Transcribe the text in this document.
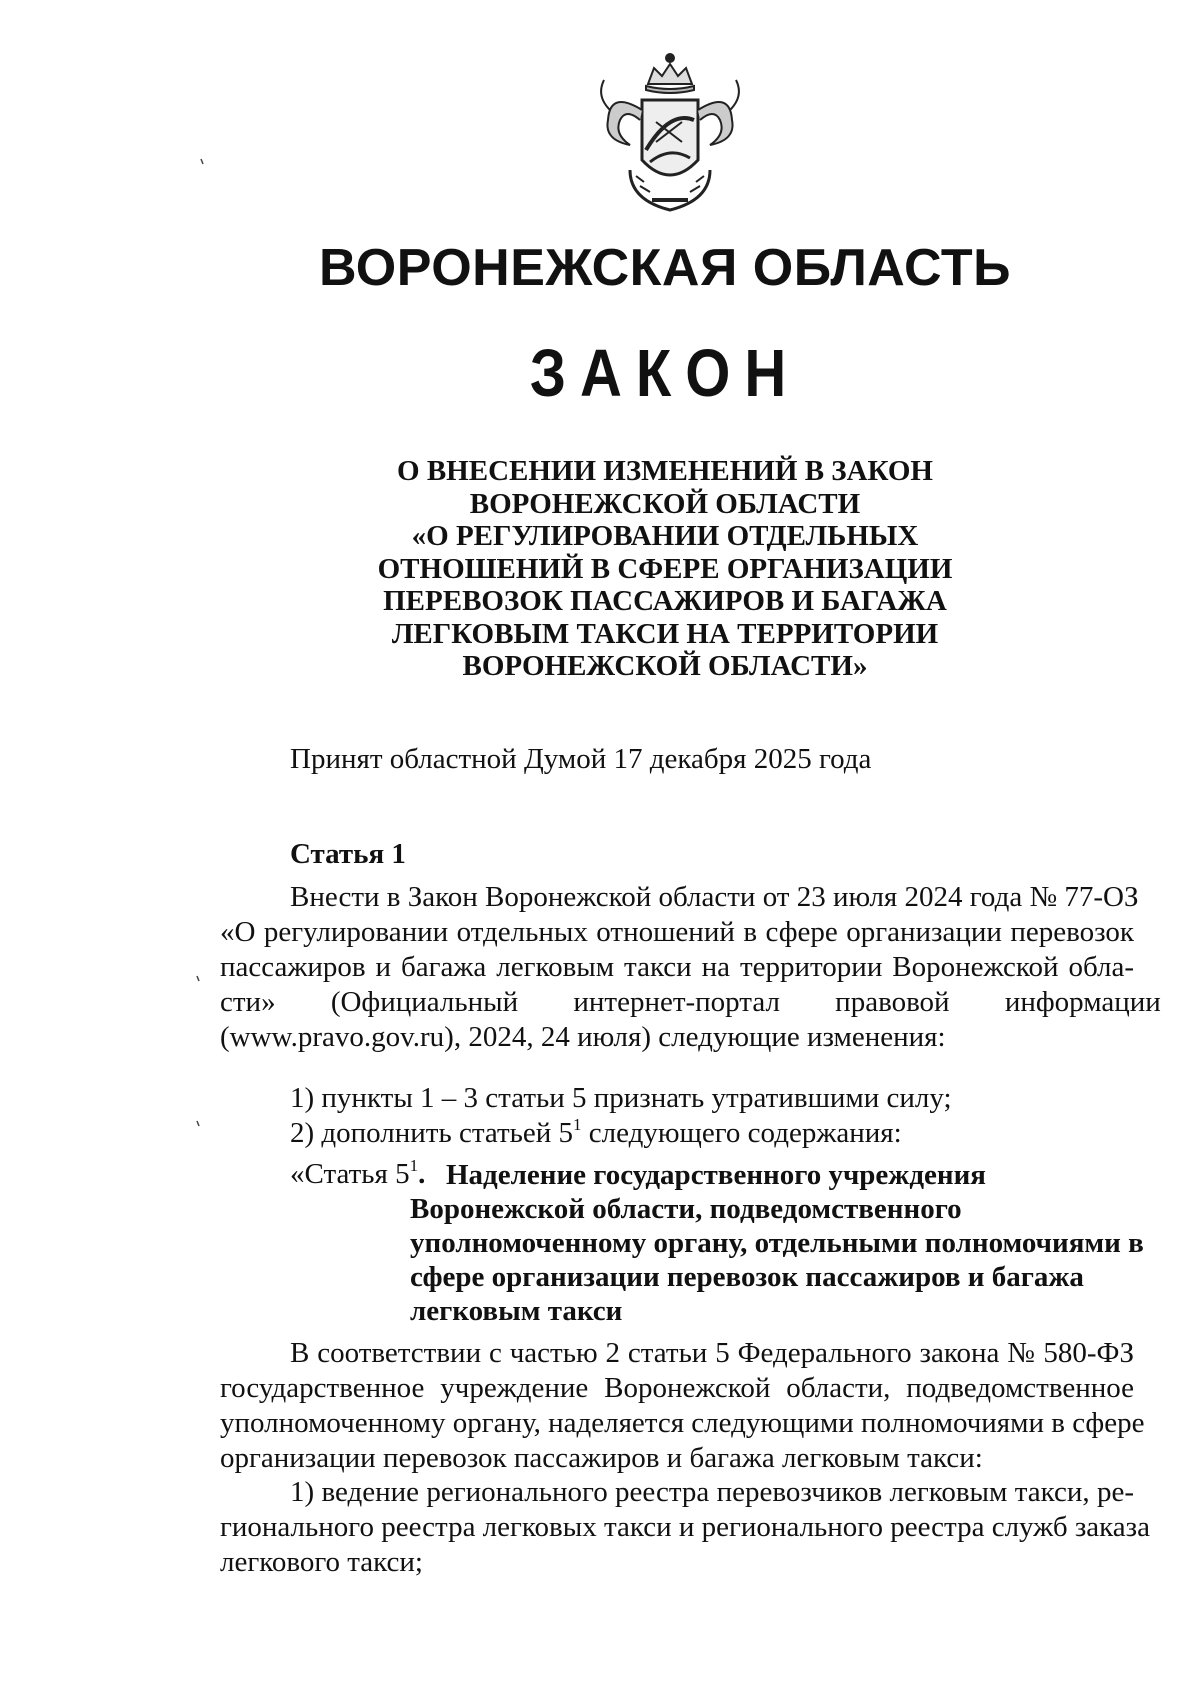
ВОРОНЕЖСКАЯ ОБЛАСТЬ
ЗАКОН
О ВНЕСЕНИИ ИЗМЕНЕНИЙ В ЗАКОН
ВОРОНЕЖСКОЙ ОБЛАСТИ
«О РЕГУЛИРОВАНИИ ОТДЕЛЬНЫХ
ОТНОШЕНИЙ В СФЕРЕ ОРГАНИЗАЦИИ
ПЕРЕВОЗОК ПАССАЖИРОВ И БАГАЖА
ЛЕГКОВЫМ ТАКСИ НА ТЕРРИТОРИИ
ВОРОНЕЖСКОЙ ОБЛАСТИ»
Принят областной Думой 17 декабря 2025 года
Статья 1
Внести в Закон Воронежской области от 23 июля 2024 года № 77-ОЗ
«О регулировании отдельных отношений в сфере организации перевозок
пассажиров и багажа легковым такси на территории Воронежской обла-
сти» (Официальный интернет-портал правовой информации
(www.pravo.gov.ru), 2024, 24 июля) следующие изменения:
1) пункты 1 – 3 статьи 5 признать утратившими силу;
2) дополнить статьей $5^1$ следующего содержания:
«Статья $5^1$. Наделение государственного учреждения
Воронежской области, подведомственного
уполномоченному органу, отдельными полномочиями в
сфере организации перевозок пассажиров и багажа
легковым такси
В соответствии с частью 2 статьи 5 Федерального закона № 580-ФЗ
государственное учреждение Воронежской области, подведомственное
уполномоченному органу, наделяется следующими полномочиями в сфере
организации перевозок пассажиров и багажа легковым такси:
1) ведение регионального реестра перевозчиков легковым такси, ре-
гионального реестра легковых такси и регионального реестра служб заказа
легкового такси;
